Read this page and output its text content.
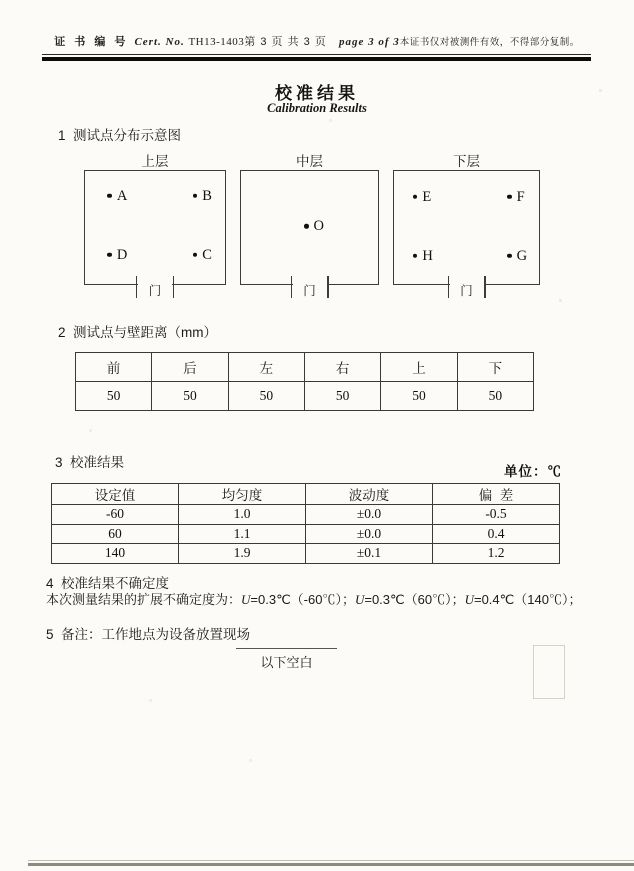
证 书 编 号 Cert. No. TH13-1403第 3 页 共 3 页   page 3 of 3本证书仅对被测件有效，不得部分复制。
校准结果
Calibration Results
1  测试点分布示意图
上层
门
A	B
D	C
中层
门
O
下层
门
E	F
H	G
2  测试点与壁距离（mm）
前	后	左	右	上	下
50	50	50	50	50	50
3  校准结果
单位：℃
设定值	均匀度	波动度	偏  差
-60	1.0	±0.0	-0.5
60	1.1	±0.0	0.4
140	1.9	±0.1	1.2
4  校准结果不确定度
本次测量结果的扩展不确定度为：U=0.3℃（-60℃）；U=0.3℃（60℃）；U=0.4℃（140℃）；
5  备注：工作地点为设备放置现场
以下空白
